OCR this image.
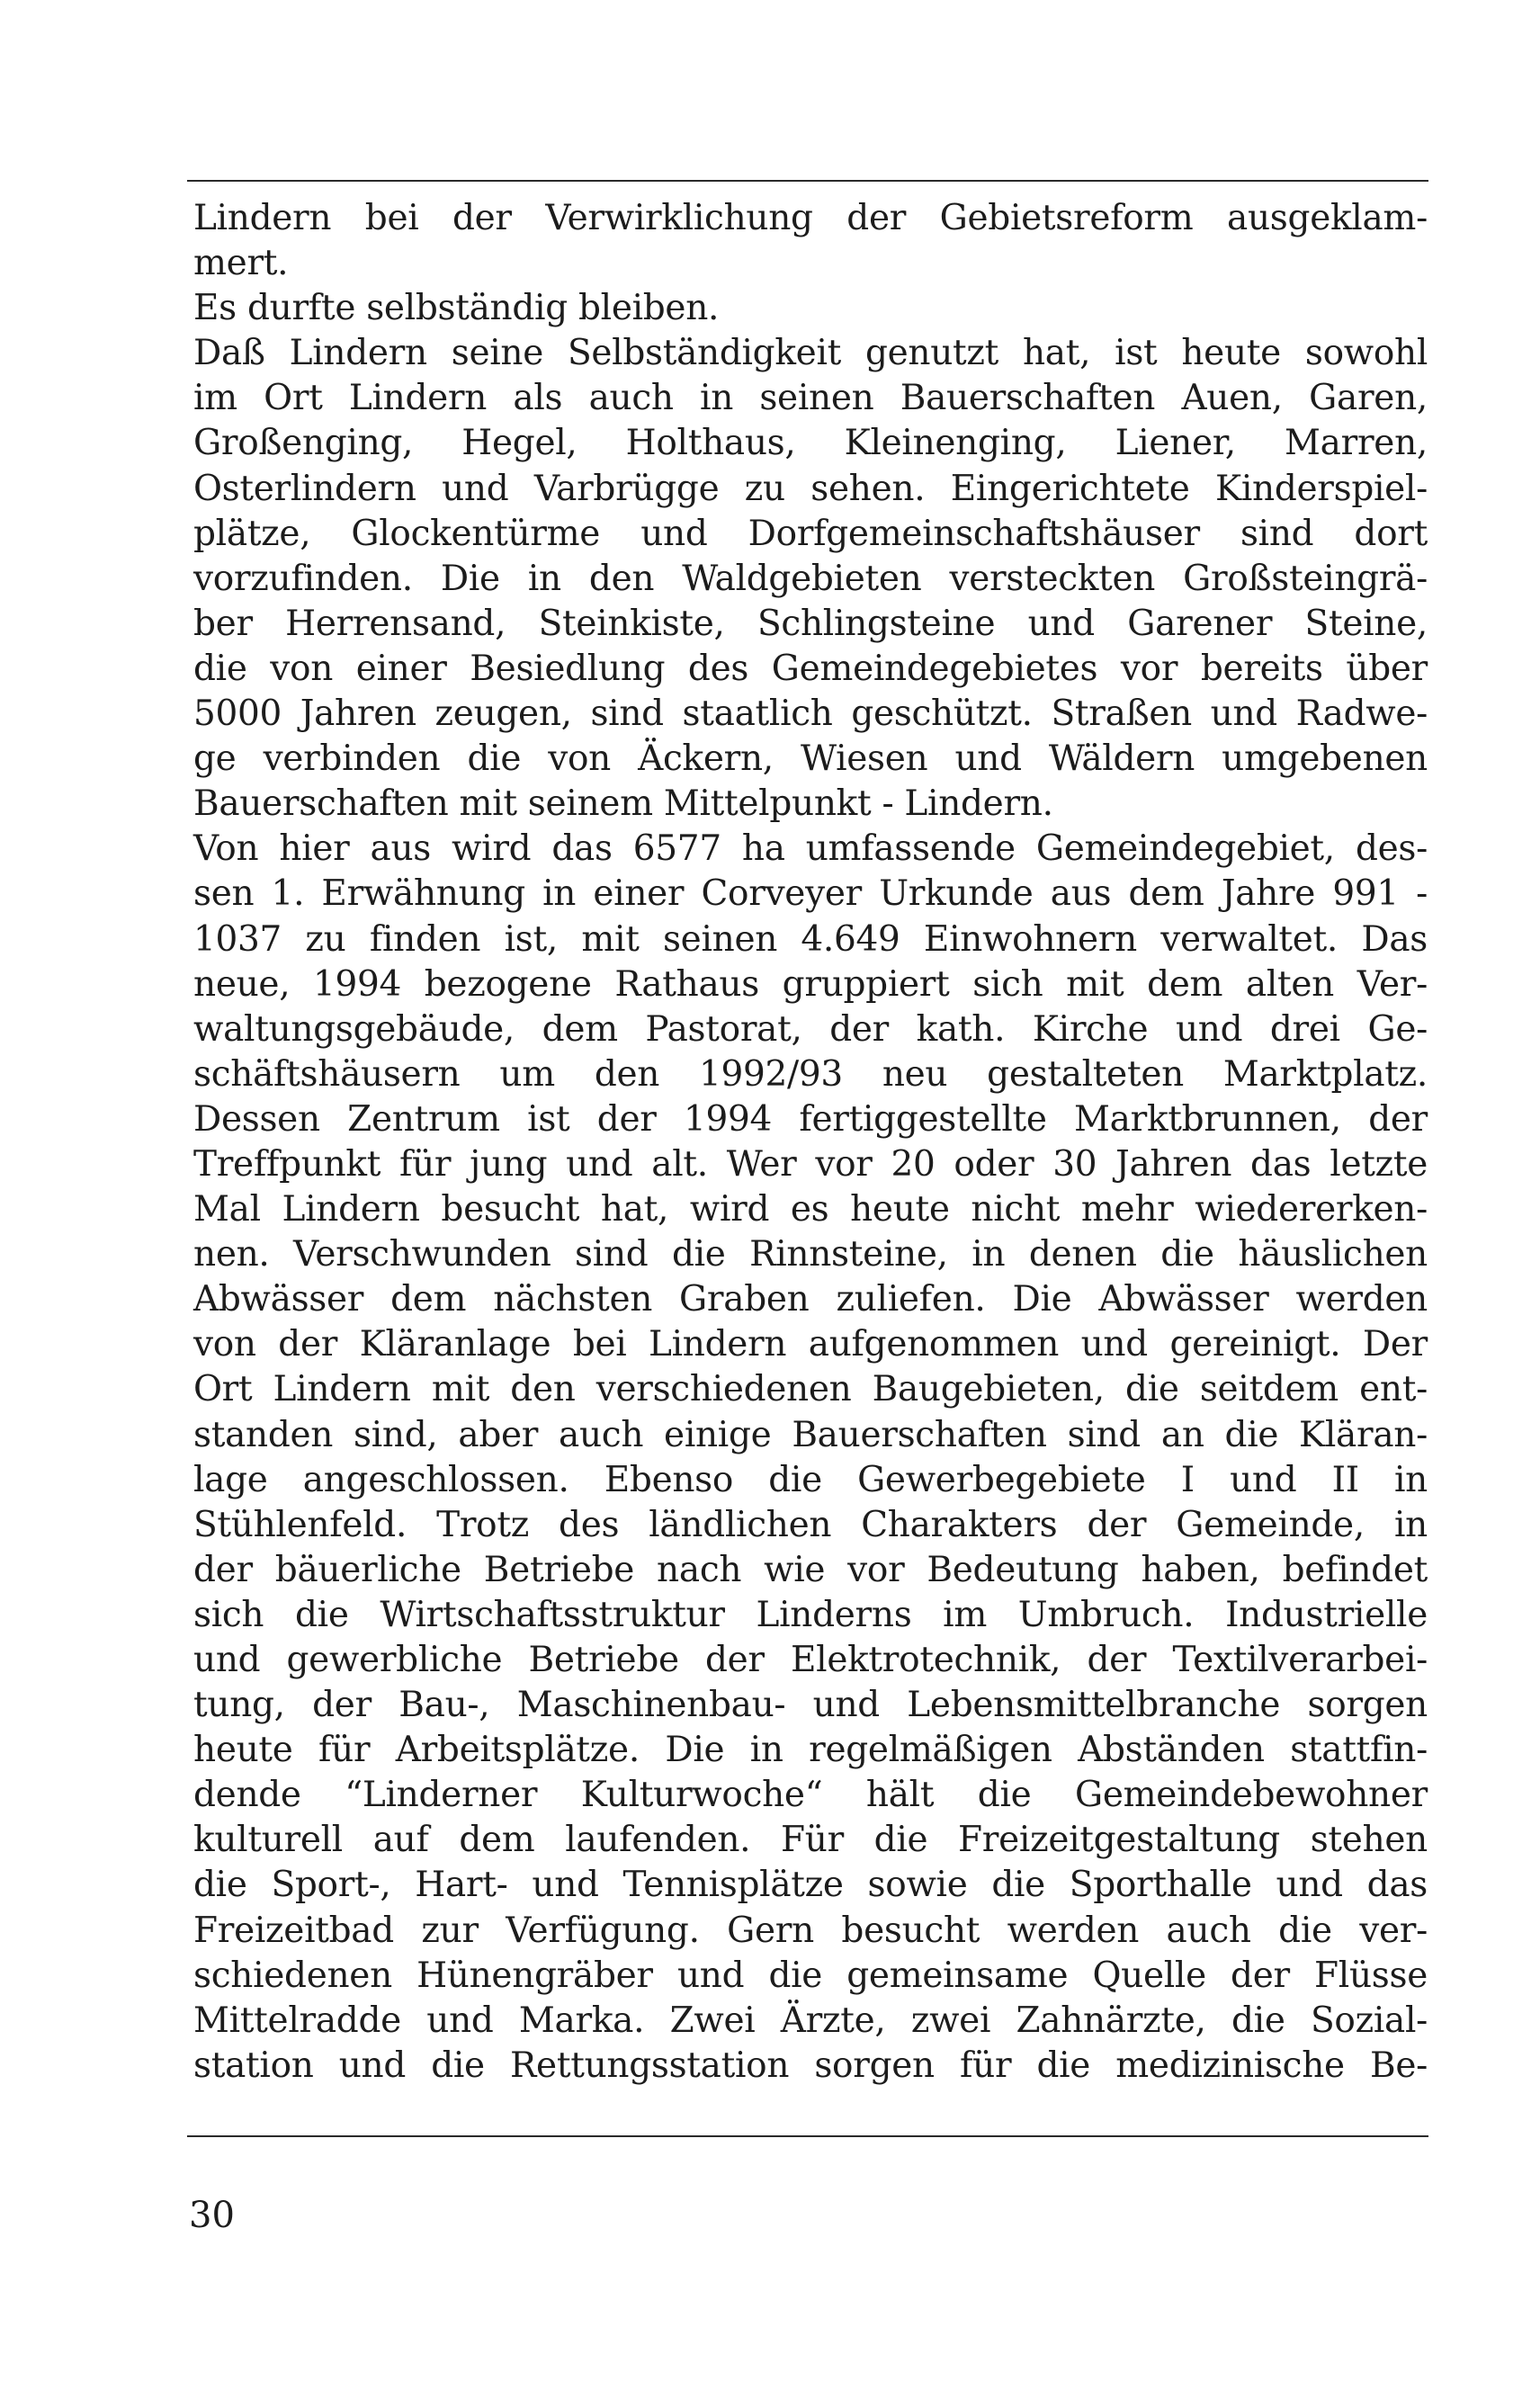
Lindern bei der Verwirklichung der Gebietsreform ausgeklam-
mert.
Es durfte selbständig bleiben.
Daß Lindern seine Selbständigkeit genutzt hat, ist heute sowohl
im Ort Lindern als auch in seinen Bauerschaften Auen, Garen,
Großenging, Hegel, Holthaus, Kleinenging, Liener, Marren,
Osterlindern und Varbrügge zu sehen. Eingerichtete Kinderspiel-
plätze, Glockentürme und Dorfgemeinschaftshäuser sind dort
vorzufinden. Die in den Waldgebieten versteckten Großsteingrä-
ber Herrensand, Steinkiste, Schlingsteine und Garener Steine,
die von einer Besiedlung des Gemeindegebietes vor bereits über
5000 Jahren zeugen, sind staatlich geschützt. Straßen und Radwe-
ge verbinden die von Äckern, Wiesen und Wäldern umgebenen
Bauerschaften mit seinem Mittelpunkt - Lindern.
Von hier aus wird das 6577 ha umfassende Gemeindegebiet, des-
sen 1. Erwähnung in einer Corveyer Urkunde aus dem Jahre 991 -
1037 zu finden ist, mit seinen 4.649 Einwohnern verwaltet. Das
neue, 1994 bezogene Rathaus gruppiert sich mit dem alten Ver-
waltungsgebäude, dem Pastorat, der kath. Kirche und drei Ge-
schäftshäusern um den 1992/93 neu gestalteten Marktplatz.
Dessen Zentrum ist der 1994 fertiggestellte Marktbrunnen, der
Treffpunkt für jung und alt. Wer vor 20 oder 30 Jahren das letzte
Mal Lindern besucht hat, wird es heute nicht mehr wiedererken-
nen. Verschwunden sind die Rinnsteine, in denen die häuslichen
Abwässer dem nächsten Graben zuliefen. Die Abwässer werden
von der Kläranlage bei Lindern aufgenommen und gereinigt. Der
Ort Lindern mit den verschiedenen Baugebieten, die seitdem ent-
standen sind, aber auch einige Bauerschaften sind an die Kläran-
lage angeschlossen. Ebenso die Gewerbegebiete I und II in
Stühlenfeld. Trotz des ländlichen Charakters der Gemeinde, in
der bäuerliche Betriebe nach wie vor Bedeutung haben, befindet
sich die Wirtschaftsstruktur Linderns im Umbruch. Industrielle
und gewerbliche Betriebe der Elektrotechnik, der Textilverarbei-
tung, der Bau-, Maschinenbau- und Lebensmittelbranche sorgen
heute für Arbeitsplätze. Die in regelmäßigen Abständen stattfin-
dende “Linderner Kulturwoche“ hält die Gemeindebewohner
kulturell auf dem laufenden. Für die Freizeitgestaltung stehen
die Sport-, Hart- und Tennisplätze sowie die Sporthalle und das
Freizeitbad zur Verfügung. Gern besucht werden auch die ver-
schiedenen Hünengräber und die gemeinsame Quelle der Flüsse
Mittelradde und Marka. Zwei Ärzte, zwei Zahnärzte, die Sozial-
station und die Rettungsstation sorgen für die medizinische Be-
30
